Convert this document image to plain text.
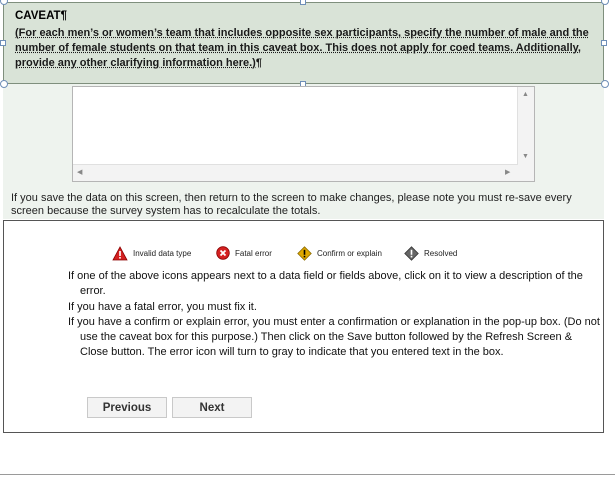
CAVEAT¶
(For each men’s or women’s team that includes opposite sex participants, specify the number of male and the number of female students on that team in this caveat box. This does not apply for coed teams. Additionally, provide any other clarifying information here.)¶
▲
▼
◀	▶
If you save the data on this screen, then return to the screen to make changes, please note you must re-save every screen because the survey system has to recalculate the totals.
Invalid data type	Fatal error	Confirm or explain	Resolved
If one of the above icons appears next to a data field or fields above, click on it to view a description of the error.
If you have a fatal error, you must fix it.
If you have a confirm or explain error, you must enter a confirmation or explanation in the pop-up box. (Do not use the caveat box for this purpose.) Then click on the Save button followed by the Refresh Screen & Close button. The error icon will turn to gray to indicate that you entered text in the box.
Previous	Next
